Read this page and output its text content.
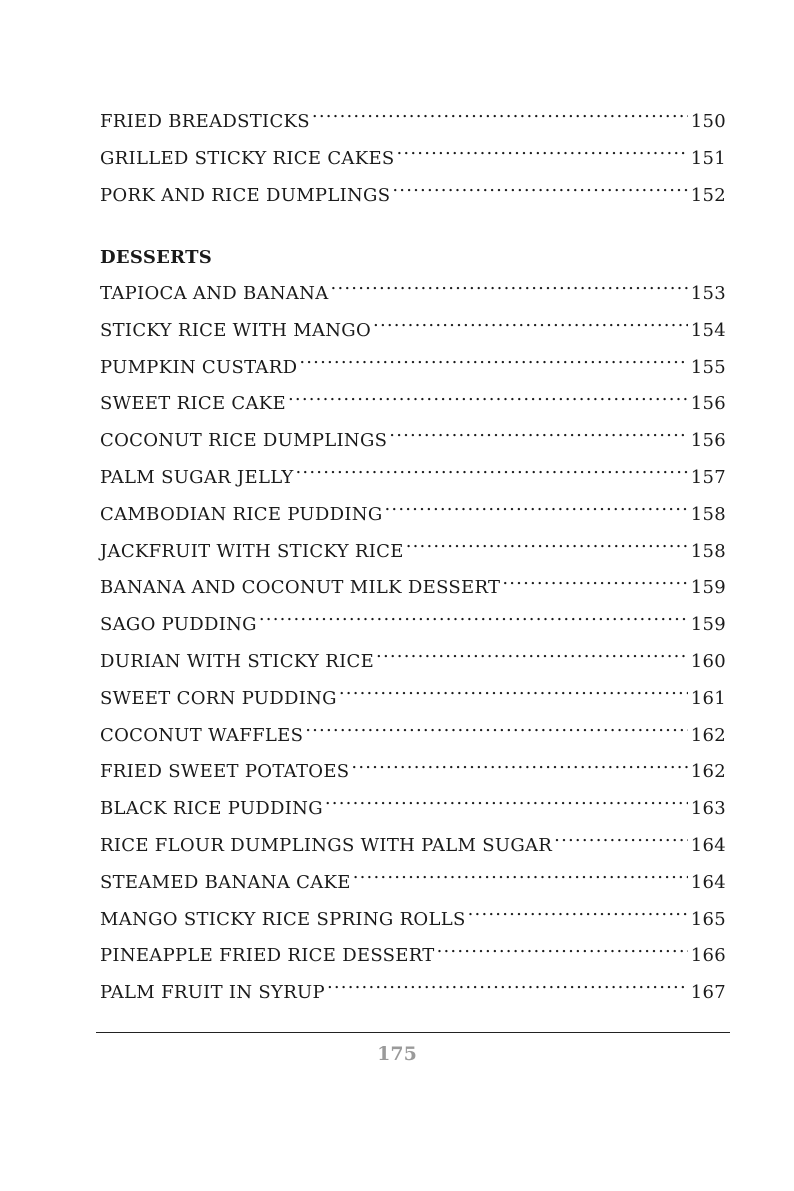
FRIED BREADSTICKS .....	150
GRILLED STICKY RICE CAKES .....	151
PORK AND RICE DUMPLINGS .....	152
DESSERTS
TAPIOCA AND BANANA .....	153
STICKY RICE WITH MANGO .....	154
PUMPKIN CUSTARD .....	155
SWEET RICE CAKE .....	156
COCONUT RICE DUMPLINGS .....	156
PALM SUGAR JELLY .....	157
CAMBODIAN RICE PUDDING .....	158
JACKFRUIT WITH STICKY RICE .....	158
BANANA AND COCONUT MILK DESSERT .....	159
SAGO PUDDING .....	159
DURIAN WITH STICKY RICE .....	160
SWEET CORN PUDDING .....	161
COCONUT WAFFLES .....	162
FRIED SWEET POTATOES .....	162
BLACK RICE PUDDING .....	163
RICE FLOUR DUMPLINGS WITH PALM SUGAR .....	164
STEAMED BANANA CAKE .....	164
MANGO STICKY RICE SPRING ROLLS .....	165
PINEAPPLE FRIED RICE DESSERT .....	166
PALM FRUIT IN SYRUP .....	167
175
